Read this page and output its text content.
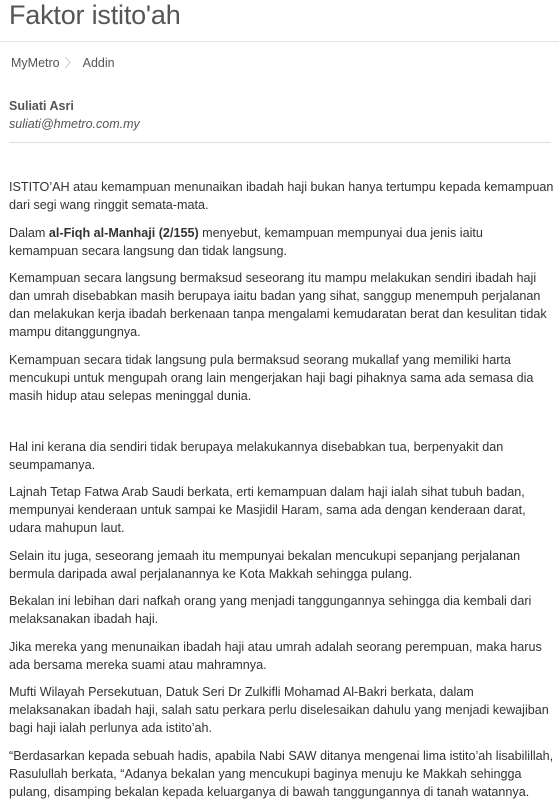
Faktor istito'ah
MyMetro 〉 Addin
Suliati Asri
suliati@hmetro.com.my

ISTITO’AH atau kemampuan menunaikan ibadah haji bukan hanya tertumpu kepada kemampuan dari segi wang ringgit semata-mata.

Dalam al-Fiqh al-Manhaji (2/155) menyebut, kemampuan mempunyai dua jenis iaitu kemampuan secara langsung dan tidak langsung.

Kemampuan secara langsung bermaksud seseorang itu mampu melakukan sendiri ibadah haji dan umrah disebabkan masih berupaya iaitu badan yang sihat, sanggup menempuh perjalanan dan melakukan kerja ibadah berkenaan tanpa mengalami kemudaratan berat dan kesulitan tidak mampu ditanggungnya.

Kemampuan secara tidak langsung pula bermaksud seorang mukallaf yang memiliki harta mencukupi untuk mengupah orang lain mengerjakan haji bagi pihaknya sama ada semasa dia masih hidup atau selepas meninggal dunia.

Hal ini kerana dia sendiri tidak berupaya melakukannya disebabkan tua, berpenyakit dan seumpamanya.

Lajnah Tetap Fatwa Arab Saudi berkata, erti kemampuan dalam haji ialah sihat tubuh badan, mempunyai kenderaan untuk sampai ke Masjidil Haram, sama ada dengan kenderaan darat, udara mahupun laut.

Selain itu juga, seseorang jemaah itu mempunyai bekalan mencukupi sepanjang perjalanan bermula daripada awal perjalanannya ke Kota Makkah sehingga pulang.

Bekalan ini lebihan dari nafkah orang yang menjadi tanggungannya sehingga dia kembali dari melaksanakan ibadah haji.

Jika mereka yang menunaikan ibadah haji atau umrah adalah seorang perempuan, maka harus ada bersama mereka suami atau mahramnya.

Mufti Wilayah Persekutuan, Datuk Seri Dr Zulkifli Mohamad Al-Bakri berkata, dalam melaksanakan ibadah haji, salah satu perkara perlu diselesaikan dahulu yang menjadi kewajiban bagi haji ialah perlunya ada istito’ah.

“Berdasarkan kepada sebuah hadis, apabila Nabi SAW ditanya mengenai lima istito’ah lisabilillah, Rasulullah berkata, “Adanya bekalan yang mencukupi baginya menuju ke Makkah sehingga pulang, disamping bekalan kepada keluarganya di bawah tanggungannya di tanah watannya.
